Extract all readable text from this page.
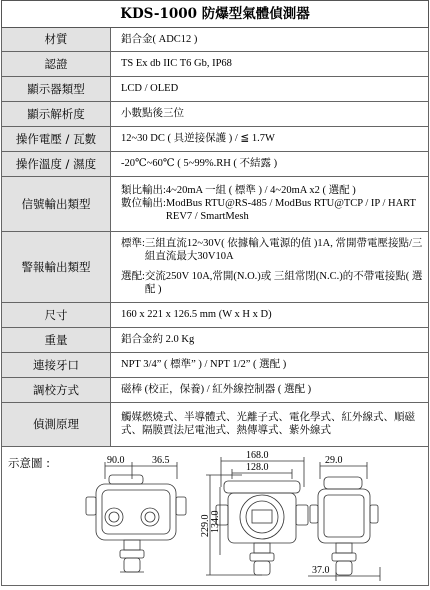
KDS-1000 防爆型氣體偵測器
材質	鋁合金( ADC12 )
認證	TS Ex db IIC T6 Gb, IP68
顯示器類型	LCD / OLED
顯示解析度	小數點後三位
操作電壓 / 瓦數	12~30 DC ( 具逆接保護 ) / ≦ 1.7W
操作溫度 / 濕度	-20℃~60℃ ( 5~99%.RH ( 不結露 )
信號輸出類型	類比輸出: 4~20mA 一組 ( 標準 ) / 4~20mA x2 ( 選配 )
數位輸出: ModBus RTU@RS-485 / ModBus RTU@TCP / IP / HART REV7 / SmartMesh

警報輸出類型	標準: 三組直流12~30V( 依據輸入電源的值 )1A, 常開帶電壓接點/三組直流最大30V10A
選配: 交流250V 10A,常開(N.O.)或 三組常閉(N.C.)的不帶電接點( 選配 )

尺寸	160 x 221 x 126.5 mm (W x H x D)
重量	鋁合金約 2.0 Kg
連接牙口	NPT 3/4” ( 標準” ) / NPT 1/2” ( 選配 )
調校方式	磁棒 (校正，保養) / 紅外線控制器 ( 選配 )
偵測原理	觸媒燃燒式、半導體式、光離子式、電化學式、紅外線式、順磁式、隔膜賈法尼電池式、熱傳導式、紫外線式
示意圖 :	90.0	36.5	168.0
128.0
229.0 134.0
29.0
37.0
